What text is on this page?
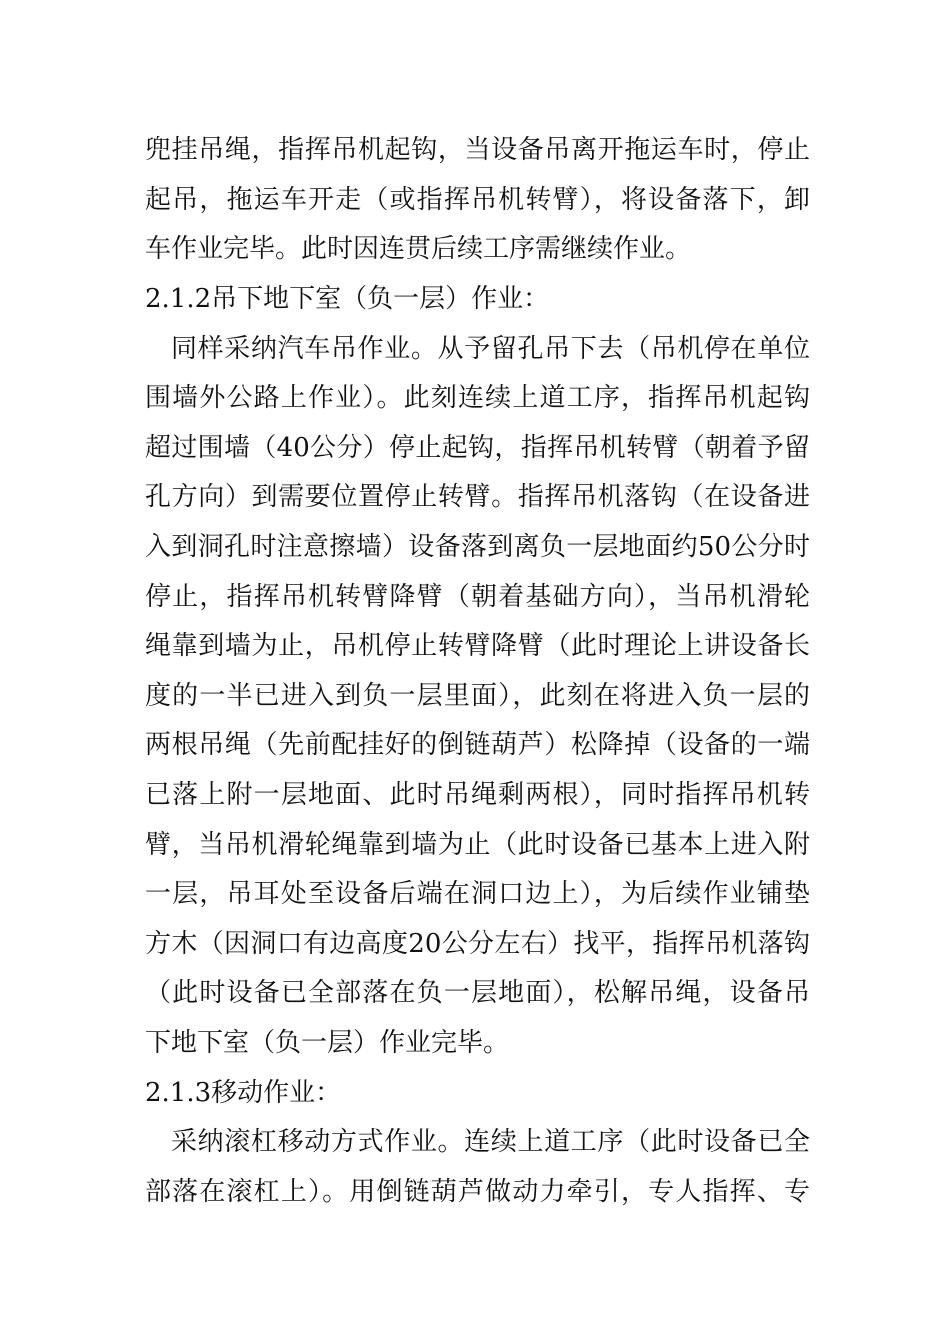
兜挂吊绳，指挥吊机起钩，当设备吊离开拖运车时，停止
起吊，拖运车开走（或指挥吊机转臂），将设备落下，卸
车作业完毕。此时因连贯后续工序需继续作业。
2.1.2吊下地下室（负一层）作业：
同样采纳汽车吊作业。从予留孔吊下去（吊机停在单位
围墙外公路上作业）。此刻连续上道工序，指挥吊机起钩
超过围墙（40公分）停止起钩，指挥吊机转臂（朝着予留
孔方向）到需要位置停止转臂。指挥吊机落钩（在设备进
入到洞孔时注意擦墙）设备落到离负一层地面约50公分时
停止，指挥吊机转臂降臂（朝着基础方向），当吊机滑轮
绳靠到墙为止，吊机停止转臂降臂（此时理论上讲设备长
度的一半已进入到负一层里面），此刻在将进入负一层的
两根吊绳（先前配挂好的倒链葫芦）松降掉（设备的一端
已落上附一层地面、此时吊绳剩两根），同时指挥吊机转
臂，当吊机滑轮绳靠到墙为止（此时设备已基本上进入附
一层，吊耳处至设备后端在洞口边上），为后续作业铺垫
方木（因洞口有边高度20公分左右）找平，指挥吊机落钩
（此时设备已全部落在负一层地面），松解吊绳，设备吊
下地下室（负一层）作业完毕。
2.1.3移动作业：
采纳滚杠移动方式作业。连续上道工序（此时设备已全
部落在滚杠上）。用倒链葫芦做动力牵引，专人指挥、专
